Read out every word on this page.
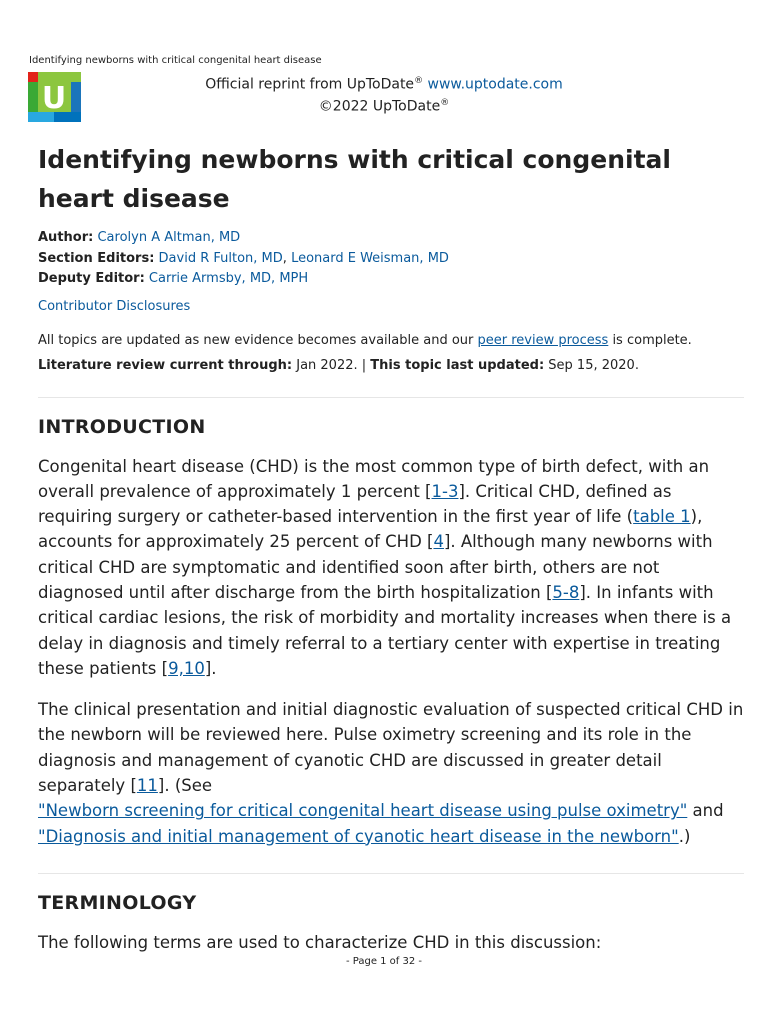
Identifying newborns with critical congenital heart disease
U	Official reprint from UpToDate® www.uptodate.com
©2022 UpToDate®
Identifying newborns with critical congenital heart disease
Author: Carolyn A Altman, MD
Section Editors: David R Fulton, MD, Leonard E Weisman, MD
Deputy Editor: Carrie Armsby, MD, MPH
Contributor Disclosures
All topics are updated as new evidence becomes available and our peer review process is complete.
Literature review current through: Jan 2022. | This topic last updated: Sep 15, 2020.
INTRODUCTION

Congenital heart disease (CHD) is the most common type of birth defect, with an overall prevalence of approximately 1 percent [1-3]. Critical CHD, defined as requiring surgery or catheter-based intervention in the first year of life (table 1), accounts for approximately 25 percent of CHD [4]. Although many newborns with critical CHD are symptomatic and identified soon after birth, others are not diagnosed until after discharge from the birth hospitalization [5-8]. In infants with critical cardiac lesions, the risk of morbidity and mortality increases when there is a delay in diagnosis and timely referral to a tertiary center with expertise in treating these patients [9,10].

The clinical presentation and initial diagnostic evaluation of suspected critical CHD in the newborn will be reviewed here. Pulse oximetry screening and its role in the diagnosis and management of cyanotic CHD are discussed in greater detail separately [11]. (See
"Newborn screening for critical congenital heart disease using pulse oximetry" and
"Diagnosis and initial management of cyanotic heart disease in the newborn".)

TERMINOLOGY

The following terms are used to characterize CHD in this discussion:

- Page 1 of 32 -
